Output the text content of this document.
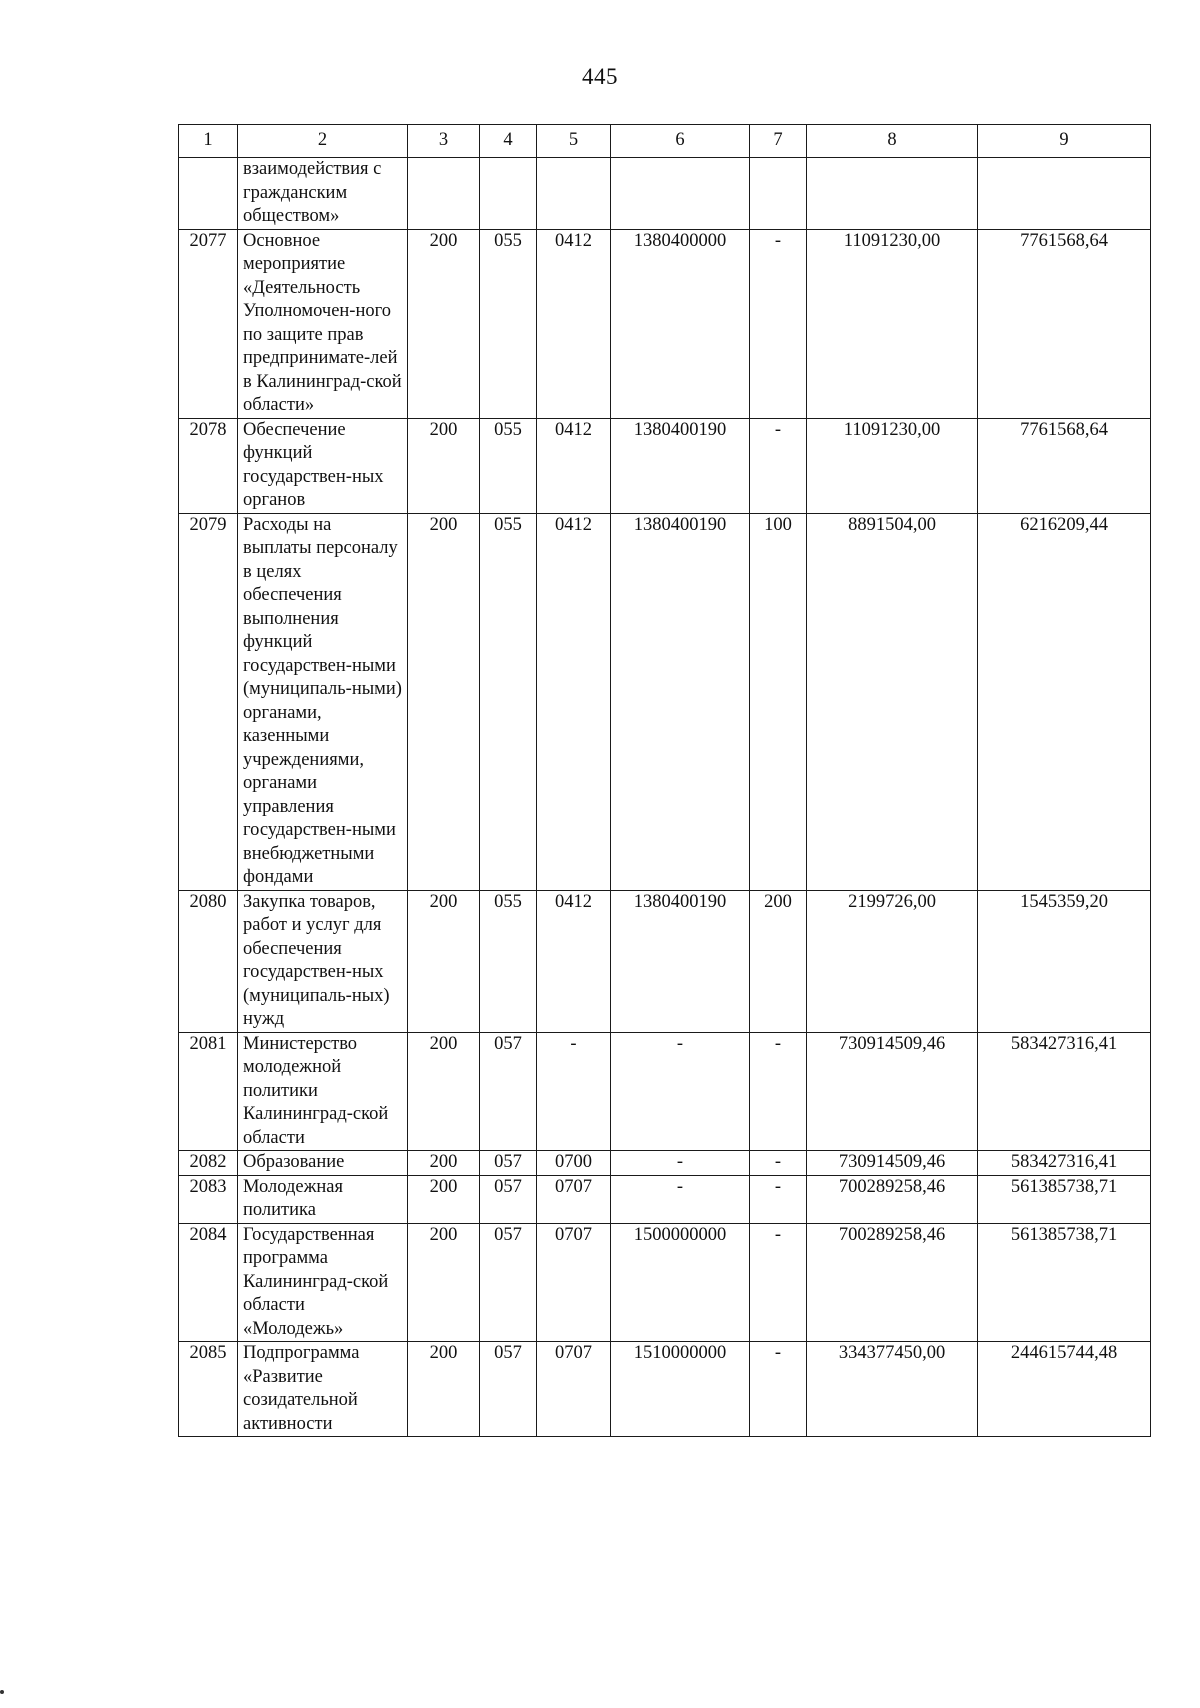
445
1	2	3	4	5	6	7	8	9
	взаимодействия с гражданским обществом»							
2077	Основное мероприятие «Деятельность Уполномочен-ного по защите прав предпринимате-лей в Калининград-ской области»	200	055	0412	1380400000	-	11091230,00	7761568,64
2078	Обеспечение функций государствен-ных органов	200	055	0412	1380400190	-	11091230,00	7761568,64
2079	Расходы на выплаты персоналу в целях обеспечения выполнения функций государствен-ными (муниципаль-ными) органами, казенными учреждениями, органами управления государствен-ными внебюджетными фондами	200	055	0412	1380400190	100	8891504,00	6216209,44
2080	Закупка товаров, работ и услуг для обеспечения государствен-ных (муниципаль-ных) нужд	200	055	0412	1380400190	200	2199726,00	1545359,20
2081	Министерство молодежной политики Калининград-ской области	200	057	-	-	-	730914509,46	583427316,41
2082	Образование	200	057	0700	-	-	730914509,46	583427316,41
2083	Молодежная политика	200	057	0707	-	-	700289258,46	561385738,71
2084	Государственная программа Калининград-ской области «Молодежь»	200	057	0707	1500000000	-	700289258,46	561385738,71
2085	Подпрограмма «Развитие созидательной активности	200	057	0707	1510000000	-	334377450,00	244615744,48
